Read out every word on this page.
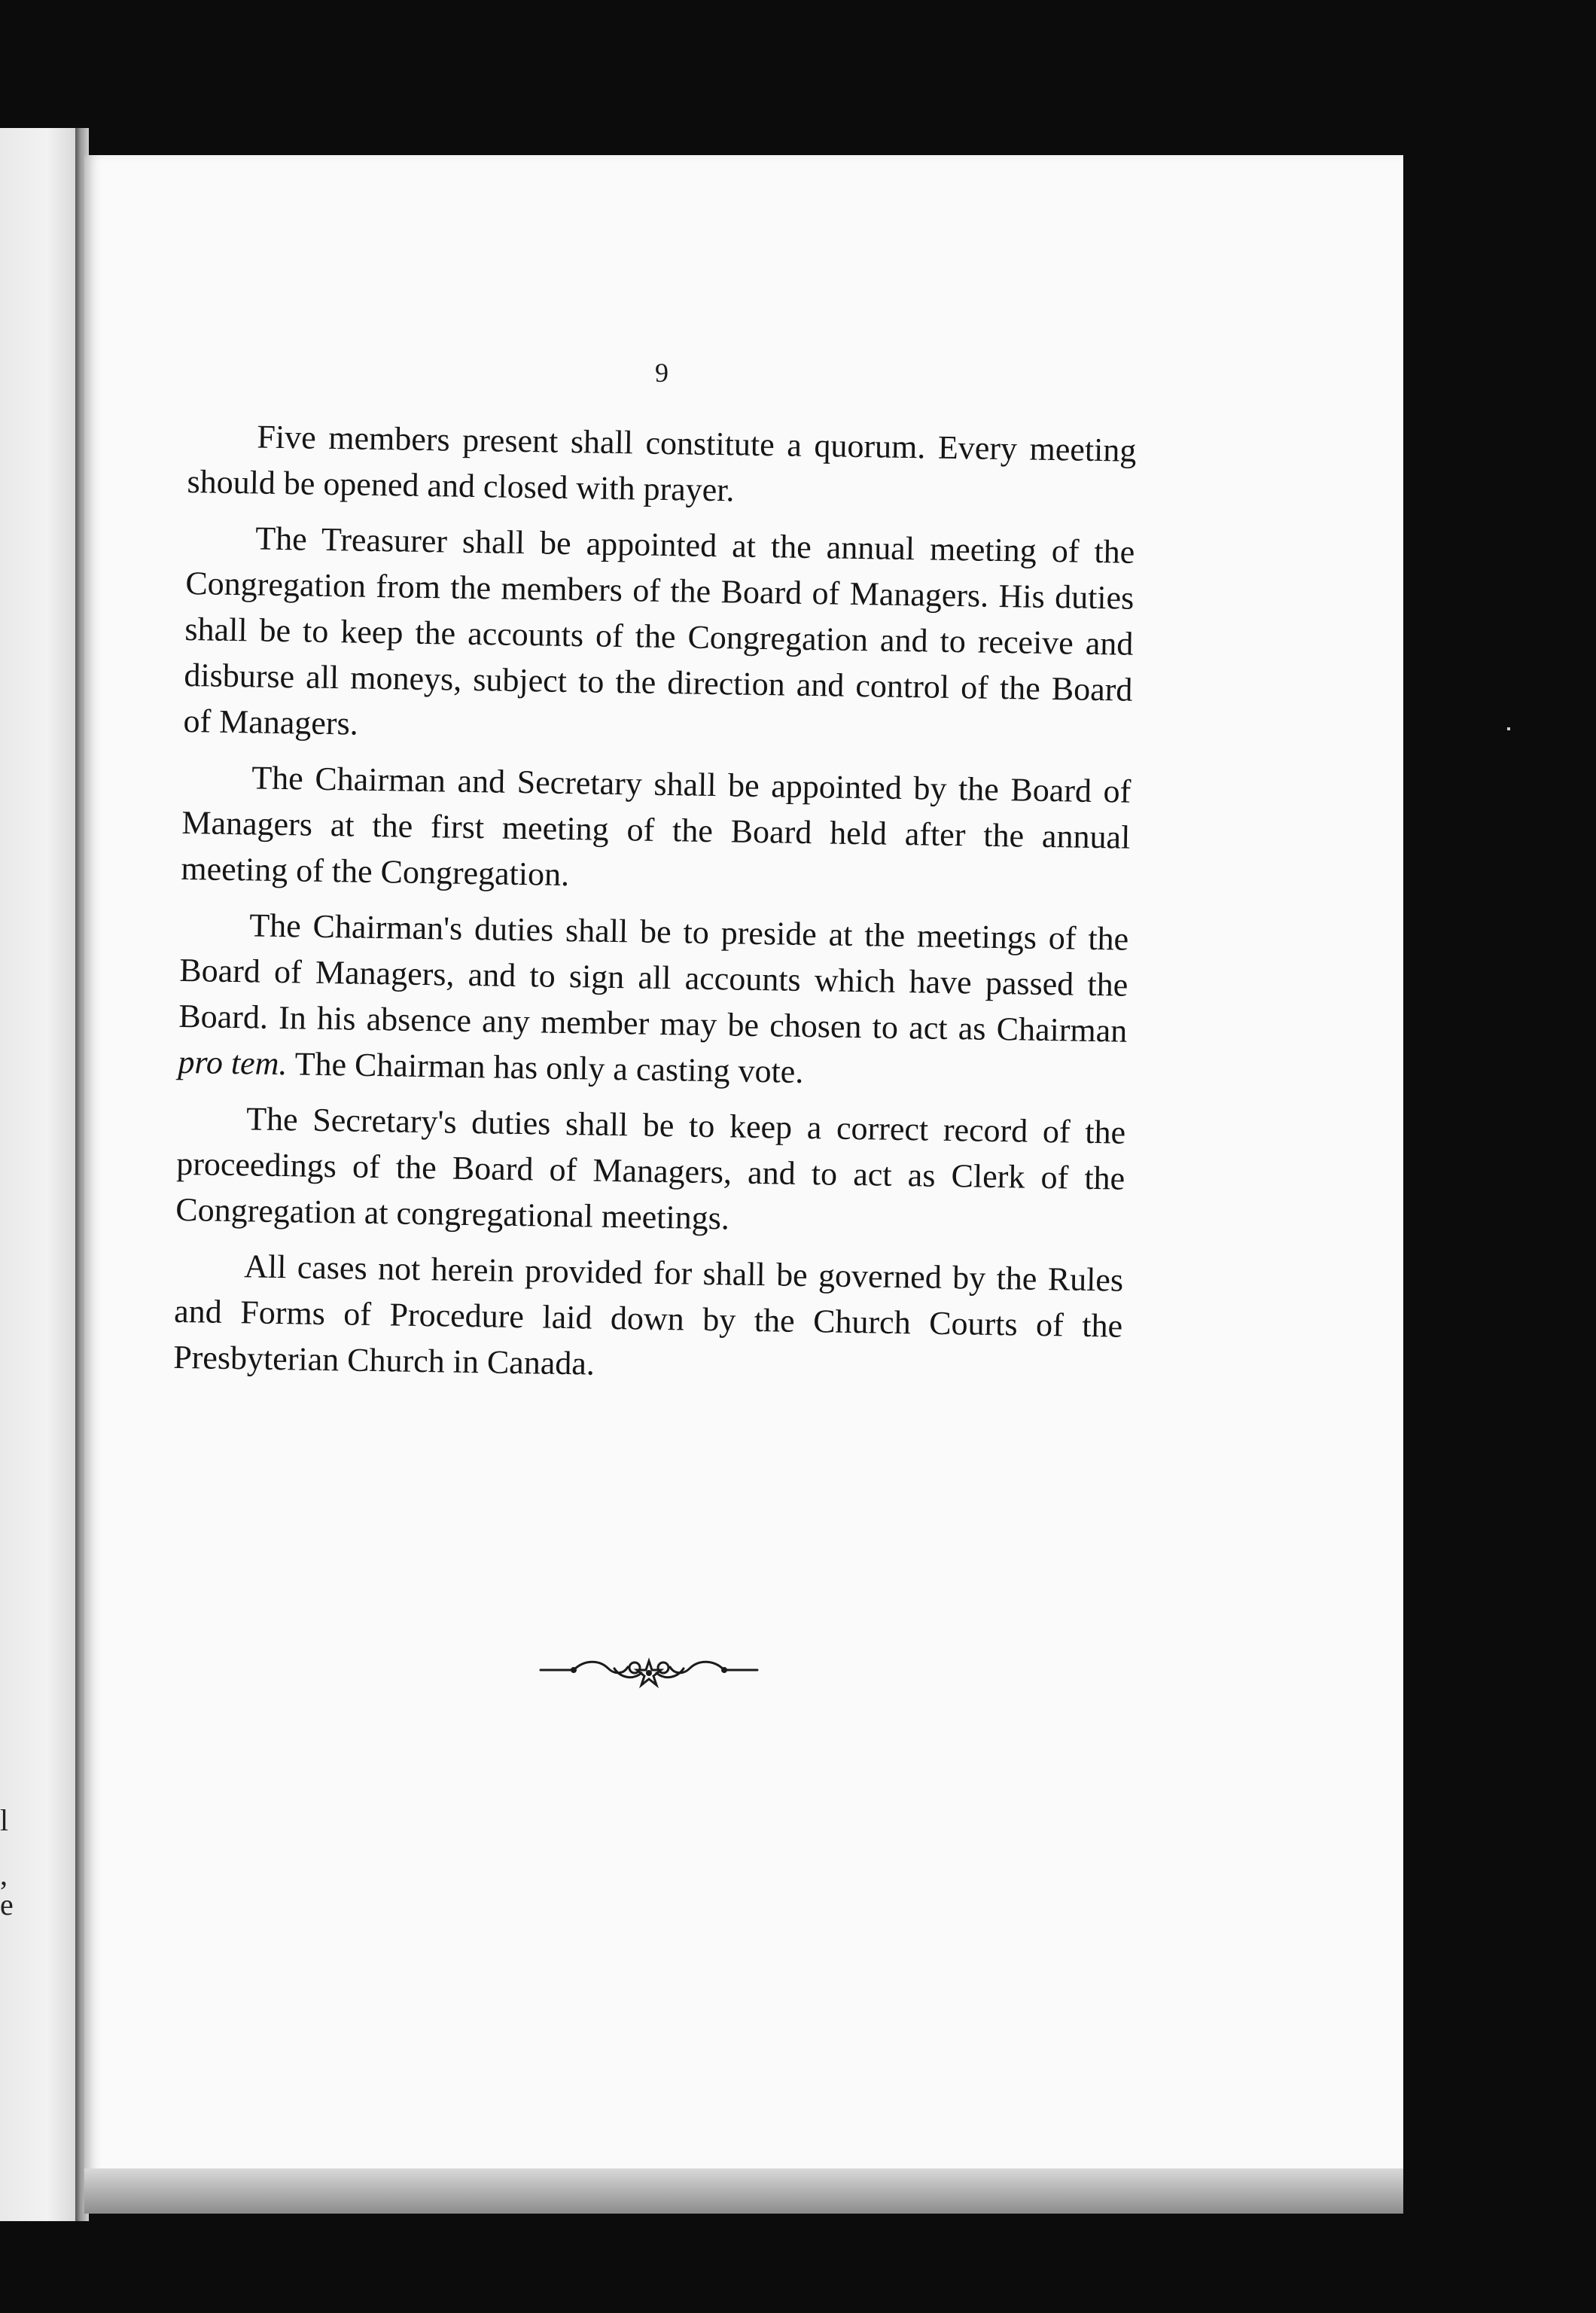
l
,
e
9

Five members present shall constitute a quorum. Every meeting should be opened and closed with prayer.

The Treasurer shall be appointed at the annual meeting of the Congregation from the members of the Board of Managers. His duties shall be to keep the accounts of the Congregation and to receive and disburse all moneys, subject to the direction and control of the Board of Managers.

The Chairman and Secretary shall be appointed by the Board of Managers at the first meeting of the Board held after the annual meeting of the Congregation.

The Chairman's duties shall be to preside at the meetings of the Board of Managers, and to sign all accounts which have passed the Board. In his absence any member may be chosen to act as Chairman pro tem. The Chairman has only a casting vote.

The Secretary's duties shall be to keep a correct record of the proceedings of the Board of Managers, and to act as Clerk of the Congregation at congregational meetings.

All cases not herein provided for shall be governed by the Rules and Forms of Procedure laid down by the Church Courts of the Presbyterian Church in Canada.
